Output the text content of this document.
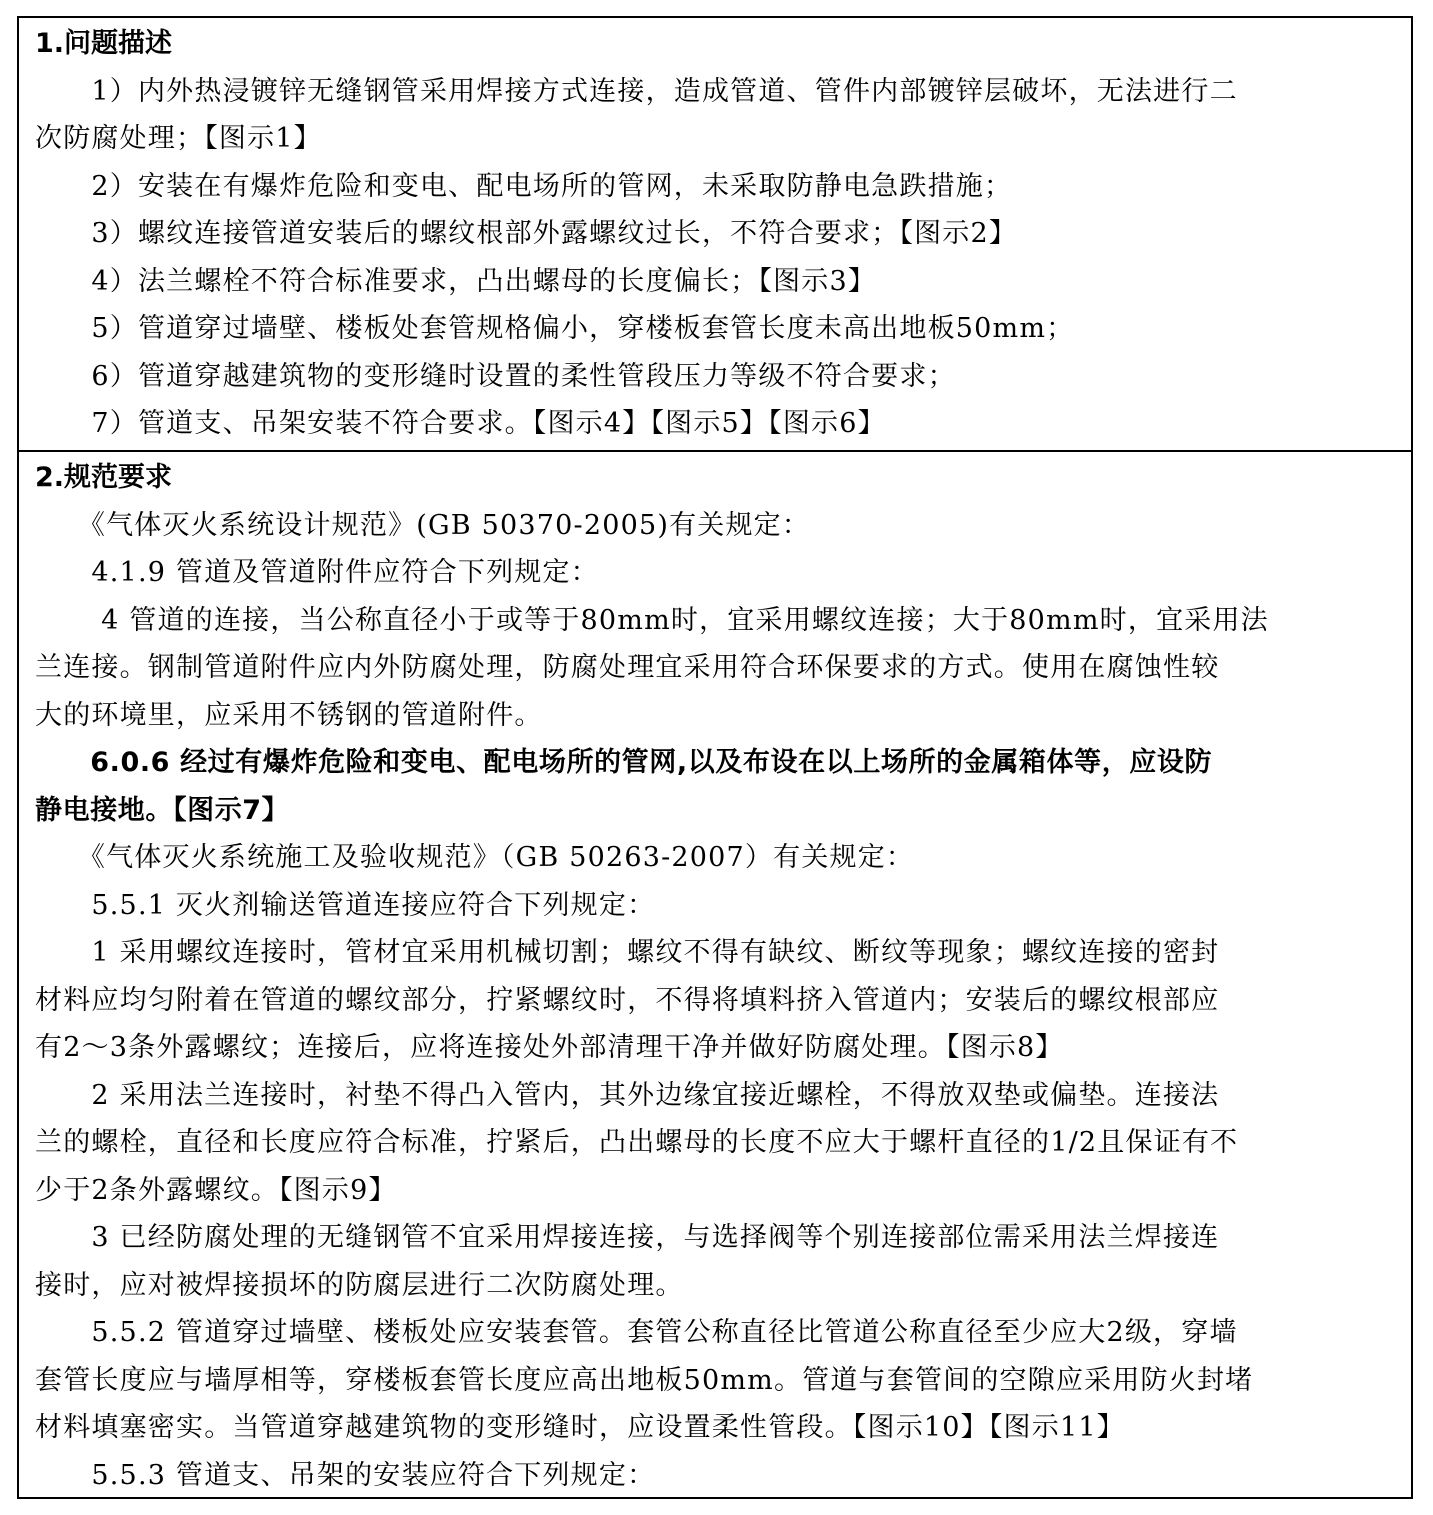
1.问题描述
　　1）内外热浸镀锌无缝钢管采用焊接方式连接，造成管道、管件内部镀锌层破坏，无法进行二
次防腐处理；【图示1】
　　2）安装在有爆炸危险和变电、配电场所的管网，未采取防静电急跌措施；
　　3）螺纹连接管道安装后的螺纹根部外露螺纹过长，不符合要求；【图示2】
　　4）法兰螺栓不符合标准要求，凸出螺母的长度偏长；【图示3】
　　5）管道穿过墙壁、楼板处套管规格偏小，穿楼板套管长度未高出地板50mm；
　　6）管道穿越建筑物的变形缝时设置的柔性管段压力等级不符合要求；
　　7）管道支、吊架安装不符合要求。【图示4】【图示5】【图示6】
2.规范要求
　　《气体灭火系统设计规范》(GB 50370-2005)有关规定：
　　4.1.9 管道及管道附件应符合下列规定：
　　 4 管道的连接，当公称直径小于或等于80mm时，宜采用螺纹连接；大于80mm时，宜采用法
兰连接。钢制管道附件应内外防腐处理，防腐处理宜采用符合环保要求的方式。使用在腐蚀性较
大的环境里，应采用不锈钢的管道附件。
　　6.0.6 经过有爆炸危险和变电、配电场所的管网,以及布设在以上场所的金属箱体等，应设防
静电接地。【图示7】
　　《气体灭火系统施工及验收规范》（GB 50263-2007）有关规定：
　　5.5.1 灭火剂输送管道连接应符合下列规定：
　　1 采用螺纹连接时，管材宜采用机械切割；螺纹不得有缺纹、断纹等现象；螺纹连接的密封
材料应均匀附着在管道的螺纹部分，拧紧螺纹时，不得将填料挤入管道内；安装后的螺纹根部应
有2～3条外露螺纹；连接后，应将连接处外部清理干净并做好防腐处理。【图示8】
　　2 采用法兰连接时，衬垫不得凸入管内，其外边缘宜接近螺栓，不得放双垫或偏垫。连接法
兰的螺栓，直径和长度应符合标准，拧紧后，凸出螺母的长度不应大于螺杆直径的1/2且保证有不
少于2条外露螺纹。【图示9】
　　3 已经防腐处理的无缝钢管不宜采用焊接连接，与选择阀等个别连接部位需采用法兰焊接连
接时，应对被焊接损坏的防腐层进行二次防腐处理。
　　5.5.2 管道穿过墙壁、楼板处应安装套管。套管公称直径比管道公称直径至少应大2级，穿墙
套管长度应与墙厚相等，穿楼板套管长度应高出地板50mm。管道与套管间的空隙应采用防火封堵
材料填塞密实。当管道穿越建筑物的变形缝时，应设置柔性管段。【图示10】【图示11】
　　5.5.3 管道支、吊架的安装应符合下列规定：
